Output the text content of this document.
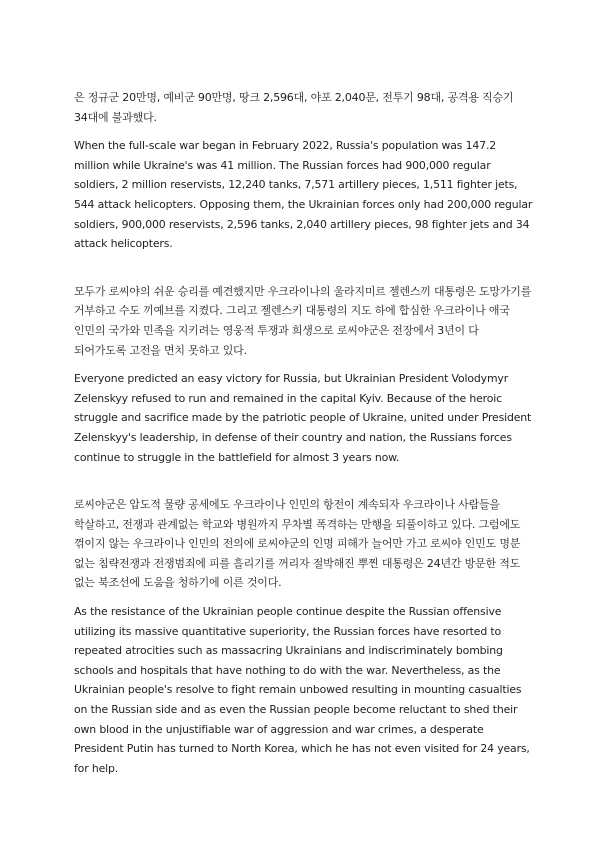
은 정규군 20만명, 예비군 90만명, 땅크 2,596대, 야포 2,040문, 전투기 98대, 공격용 직승기 34대에 불과했다.

When the full-scale war began in February 2022, Russia's population was 147.2 million while Ukraine's was 41 million. The Russian forces had 900,000 regular soldiers, 2 million reservists, 12,240 tanks, 7,571 artillery pieces, 1,511 fighter jets, 544 attack helicopters. Opposing them, the Ukrainian forces only had 200,000 regular soldiers, 900,000 reservists, 2,596 tanks, 2,040 artillery pieces, 98 fighter jets and 34 attack helicopters.

모두가 로씨야의 쉬운 승리를 예견했지만 우크라이나의 울라지미르 젤렌스끼 대통령은 도망가기를 거부하고 수도 끼예브를 지켰다. 그리고 젤렌스키 대통령의 지도 하에 합심한 우크라이나 애국 인민의 국가와 민족을 지키려는 영웅적 투쟁과 희생으로 로씨야군은 전장에서 3년이 다 되어가도록 고전을 면치 못하고 있다.

Everyone predicted an easy victory for Russia, but Ukrainian President Volodymyr Zelenskyy refused to run and remained in the capital Kyiv. Because of the heroic struggle and sacrifice made by the patriotic people of Ukraine, united under President Zelenskyy's leadership, in defense of their country and nation, the Russians forces continue to struggle in the battlefield for almost 3 years now.

로씨야군은 압도적 물량 공세에도 우크라이나 인민의 항전이 계속되자 우크라이나 사람들을 학살하고, 전쟁과 관계없는 학교와 병원까지 무차별 폭격하는 만행을 되풀이하고 있다. 그럼에도 꺾이지 않는 우크라이나 인민의 전의에 로씨야군의 인명 피해가 늘어만 가고 로씨야 인민도 명분 없는 침략전쟁과 전쟁범죄에 피를 흘리기를 꺼리자 절박해진 뿌찐 대통령은 24년간 방문한 적도 없는 북조선에 도움을 청하기에 이른 것이다.

As the resistance of the Ukrainian people continue despite the Russian offensive utilizing its massive quantitative superiority, the Russian forces have resorted to repeated atrocities such as massacring Ukrainians and indiscriminately bombing schools and hospitals that have nothing to do with the war. Nevertheless, as the Ukrainian people's resolve to fight remain unbowed resulting in mounting casualties on the Russian side and as even the Russian people become reluctant to shed their own blood in the unjustifiable war of aggression and war crimes, a desperate President Putin has turned to North Korea, which he has not even visited for 24 years, for help.
